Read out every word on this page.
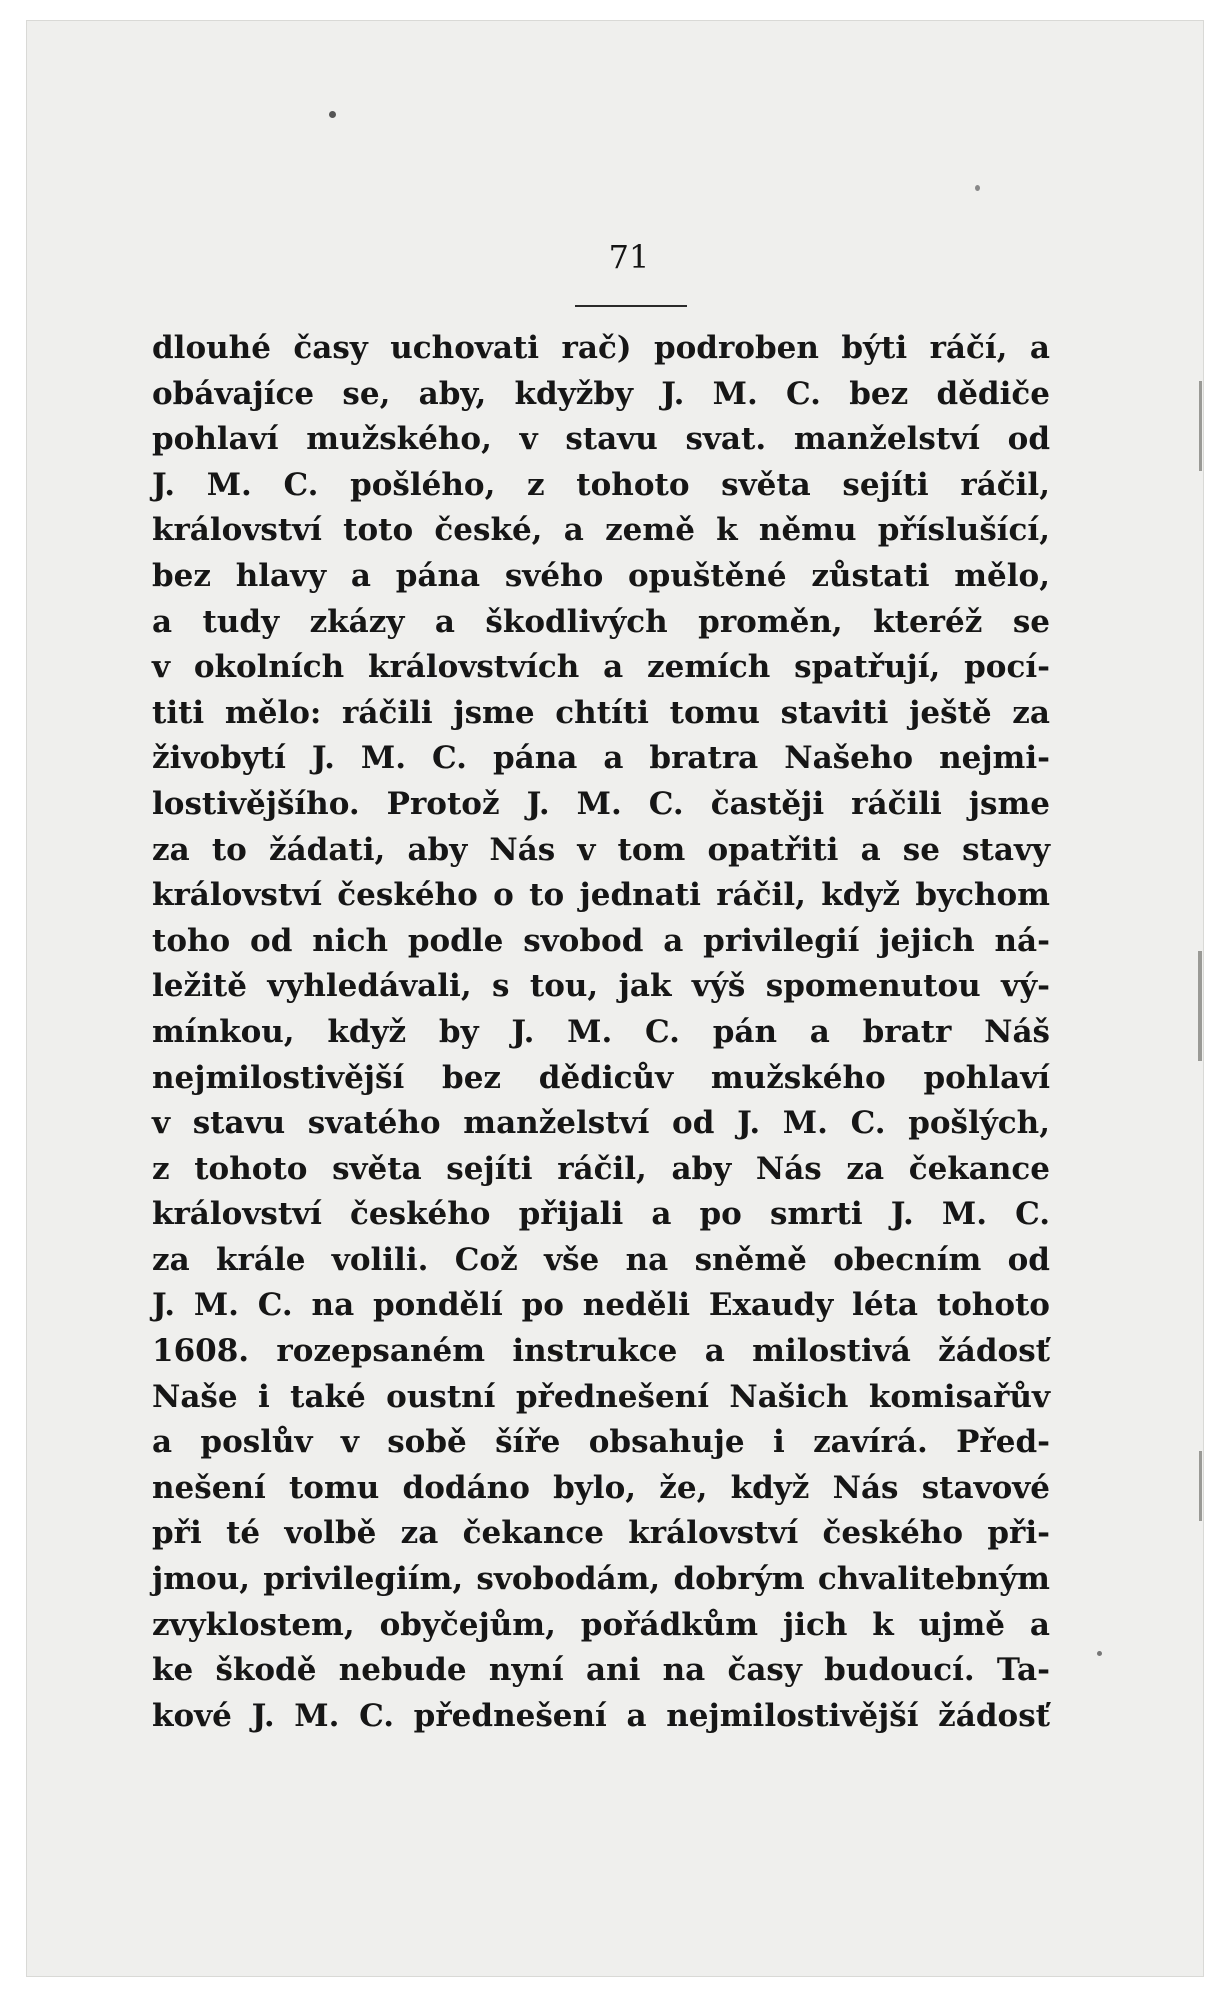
71
dlouhé časy uchovati rač) podroben býti ráčí, a
obávajíce se, aby, kdyžby J. M. C. bez dědiče
pohlaví mužského, v stavu svat. manželství od
J. M. C. pošlého, z tohoto světa sejíti ráčil,
království toto české, a země k němu příslušící,
bez hlavy a pána svého opuštěné zůstati mělo,
a tudy zkázy a škodlivých proměn, kteréž se
v okolních královstvích a zemích spatřují, pocí-
titi mělo: ráčili jsme chtíti tomu staviti ještě za
živobytí J. M. C. pána a bratra Našeho nejmi-
lostivějšího. Protož J. M. C. častěji ráčili jsme
za to žádati, aby Nás v tom opatřiti a se stavy
království českého o to jednati ráčil, když bychom
toho od nich podle svobod a privilegií jejich ná-
ležitě vyhledávali, s tou, jak výš spomenutou vý-
mínkou, když by J. M. C. pán a bratr Náš
nejmilostivější bez dědicův mužského pohlaví
v stavu svatého manželství od J. M. C. pošlých,
z tohoto světa sejíti ráčil, aby Nás za čekance
království českého přijali a po smrti J. M. C.
za krále volili. Což vše na sněmě obecním od
J. M. C. na pondělí po neděli Exaudy léta tohoto
1608. rozepsaném instrukce a milostivá žádosť
Naše i také oustní přednešení Našich komisařův
a poslův v sobě šíře obsahuje i zavírá. Před-
nešení tomu dodáno bylo, že, když Nás stavové
při té volbě za čekance království českého při-
jmou, privilegiím, svobodám, dobrým chvalitebným
zvyklostem, obyčejům, pořádkům jich k ujmě a
ke škodě nebude nyní ani na časy budoucí. Ta-
kové J. M. C. přednešení a nejmilostivější žádosť
